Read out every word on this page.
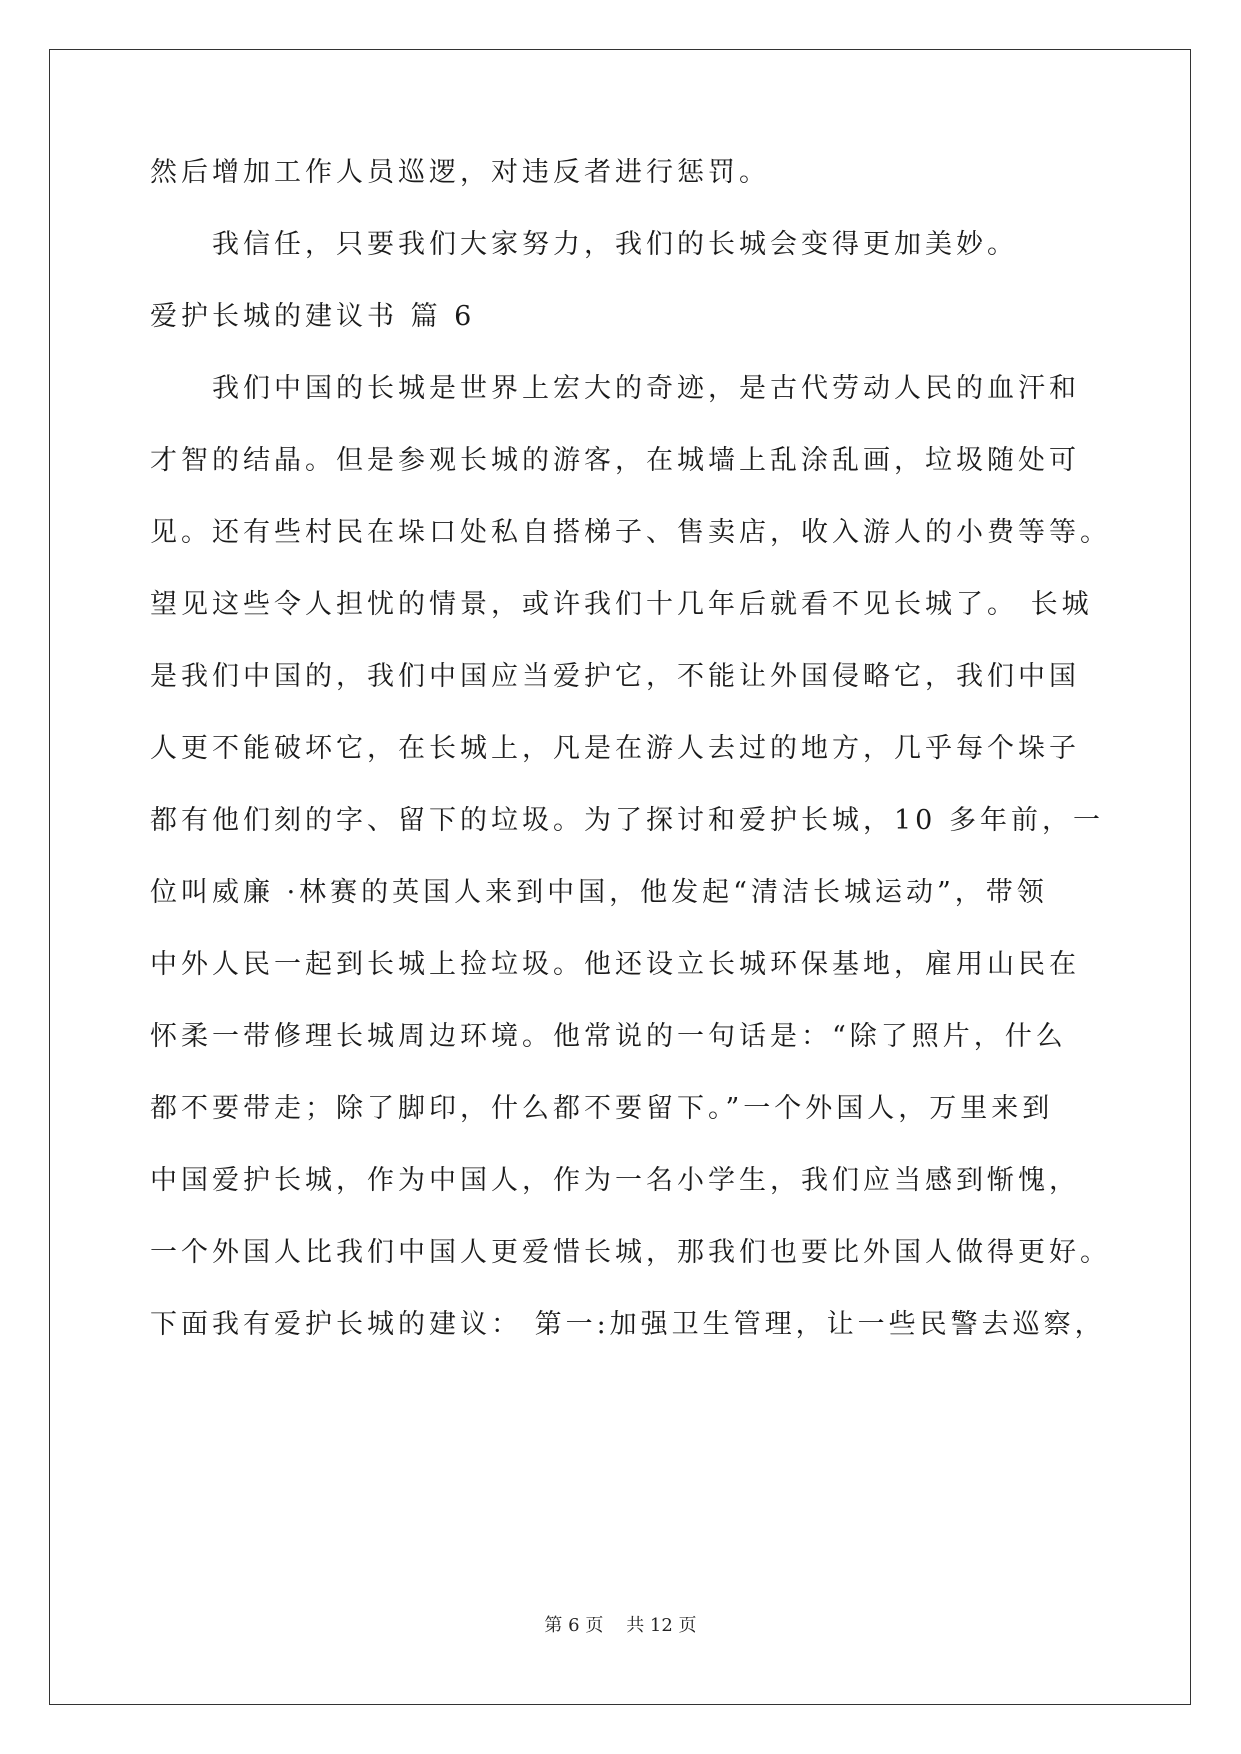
然后增加工作人员巡逻，对违反者进行惩罚。
我信任，只要我们大家努力，我们的长城会变得更加美妙。
爱护长城的建议书 篇 6
我们中国的长城是世界上宏大的奇迹，是古代劳动人民的血汗和
才智的结晶。但是参观长城的游客，在城墙上乱涂乱画，垃圾随处可
见。还有些村民在垛口处私自搭梯子、售卖店，收入游人的小费等等。
望见这些令人担忧的情景，或许我们十几年后就看不见长城了。 长城
是我们中国的，我们中国应当爱护它，不能让外国侵略它，我们中国
人更不能破坏它，在长城上，凡是在游人去过的地方，几乎每个垛子
都有他们刻的字、留下的垃圾。为了探讨和爱护长城，10 多年前，一
位叫威廉 ·林赛的英国人来到中国，他发起“清洁长城运动”，带领
中外人民一起到长城上捡垃圾。他还设立长城环保基地，雇用山民在
怀柔一带修理长城周边环境。他常说的一句话是：“除了照片，什么
都不要带走；除了脚印，什么都不要留下。”一个外国人，万里来到
中国爱护长城，作为中国人，作为一名小学生，我们应当感到惭愧，
一个外国人比我们中国人更爱惜长城，那我们也要比外国人做得更好。
下面我有爱护长城的建议： 第一:加强卫生管理，让一些民警去巡察，
第 6 页    共 12 页
